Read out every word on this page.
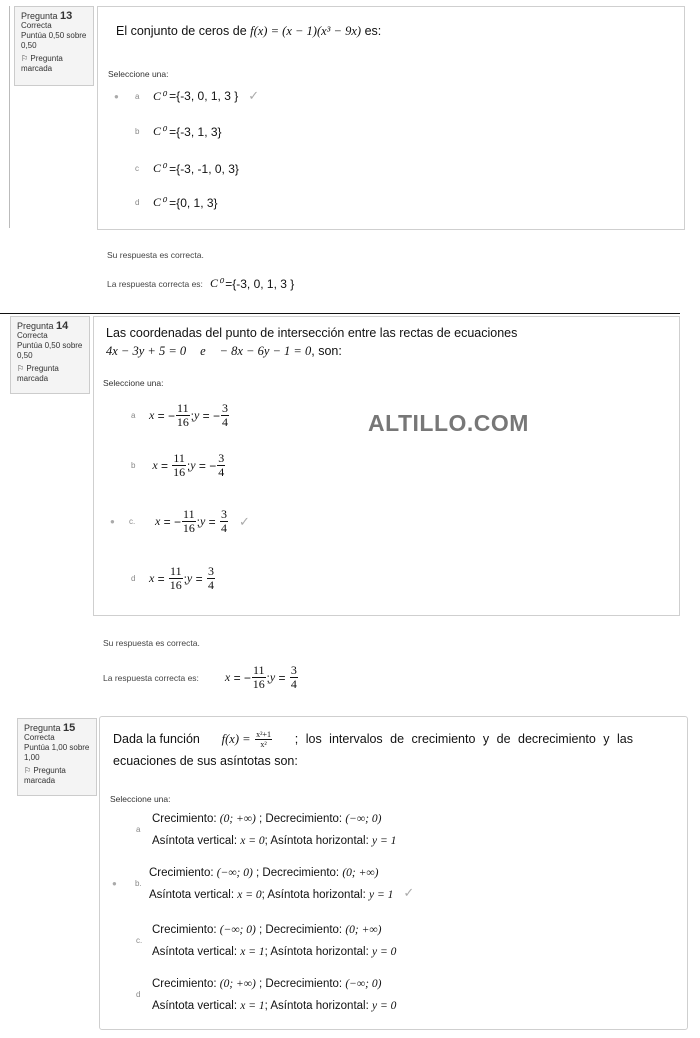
Pregunta 13
Correcta
Puntúa 0,50 sobre 0,50
⚐ Pregunta marcada
El conjunto de ceros de f(x) = (x − 1)(x³ − 9x) es:
Seleccione una:
●	a	C⁰
={-3, 0, 1, 3 } ✓
b	C⁰
={-3, 1, 3}
c	C⁰
={-3, -1, 0, 3}
d	C⁰
={0, 1, 3}
Su respuesta es correcta.
La respuesta correcta es:
C⁰
={-3, 0, 1, 3 }
Pregunta 14
Correcta
Puntúa 0,50 sobre 0,50
⚐ Pregunta marcada
Las coordenadas del punto de intersección entre las rectas de ecuaciones
4x − 3y + 5 = 0 e − 8x − 6y − 1 = 0, son:
Seleccione una:
ALTILLO.COM
a	x = − $\frac{11}{16}$ ; y = − $\frac{3}{4}$
b
	$x = \frac{11}{16}$ ; y = − $\frac{3}{4}$
●	c.	x = − $\frac{11}{16}$ ; $y = \frac{3}{4}$ ✓
d	$x = \frac{11}{16}$ ; $y = \frac{3}{4}$
Su respuesta es correcta.
La respuesta correcta es:
x = − $\frac{11}{16}$ ; $y = \frac{3}{4}$
Pregunta 15
Correcta
Puntúa 1,00 sobre 1,00
⚐ Pregunta marcada
Dada la función f(x) =
$\frac{\text{x²+1}}{\text{x²}}$ ; los intervalos de crecimiento y de decrecimiento y las
ecuaciones de sus asíntotas son:
Seleccione una:
a
Crecimiento: (0; +∞) ; Decrecimiento: (−∞; 0)
Asíntota vertical: x = 0; Asíntota horizontal: y = 1
●	b.
Crecimiento: (−∞; 0) ; Decrecimiento: (0; +∞)
Asíntota vertical: x = 0; Asíntota horizontal: y = 1 ✓
c.
Crecimiento: (−∞; 0) ; Decrecimiento: (0; +∞)
Asíntota vertical: x = 1; Asíntota horizontal: y = 0
d
Crecimiento: (0; +∞) ; Decrecimiento: (−∞; 0)
Asíntota vertical: x = 1; Asíntota horizontal: y = 0
